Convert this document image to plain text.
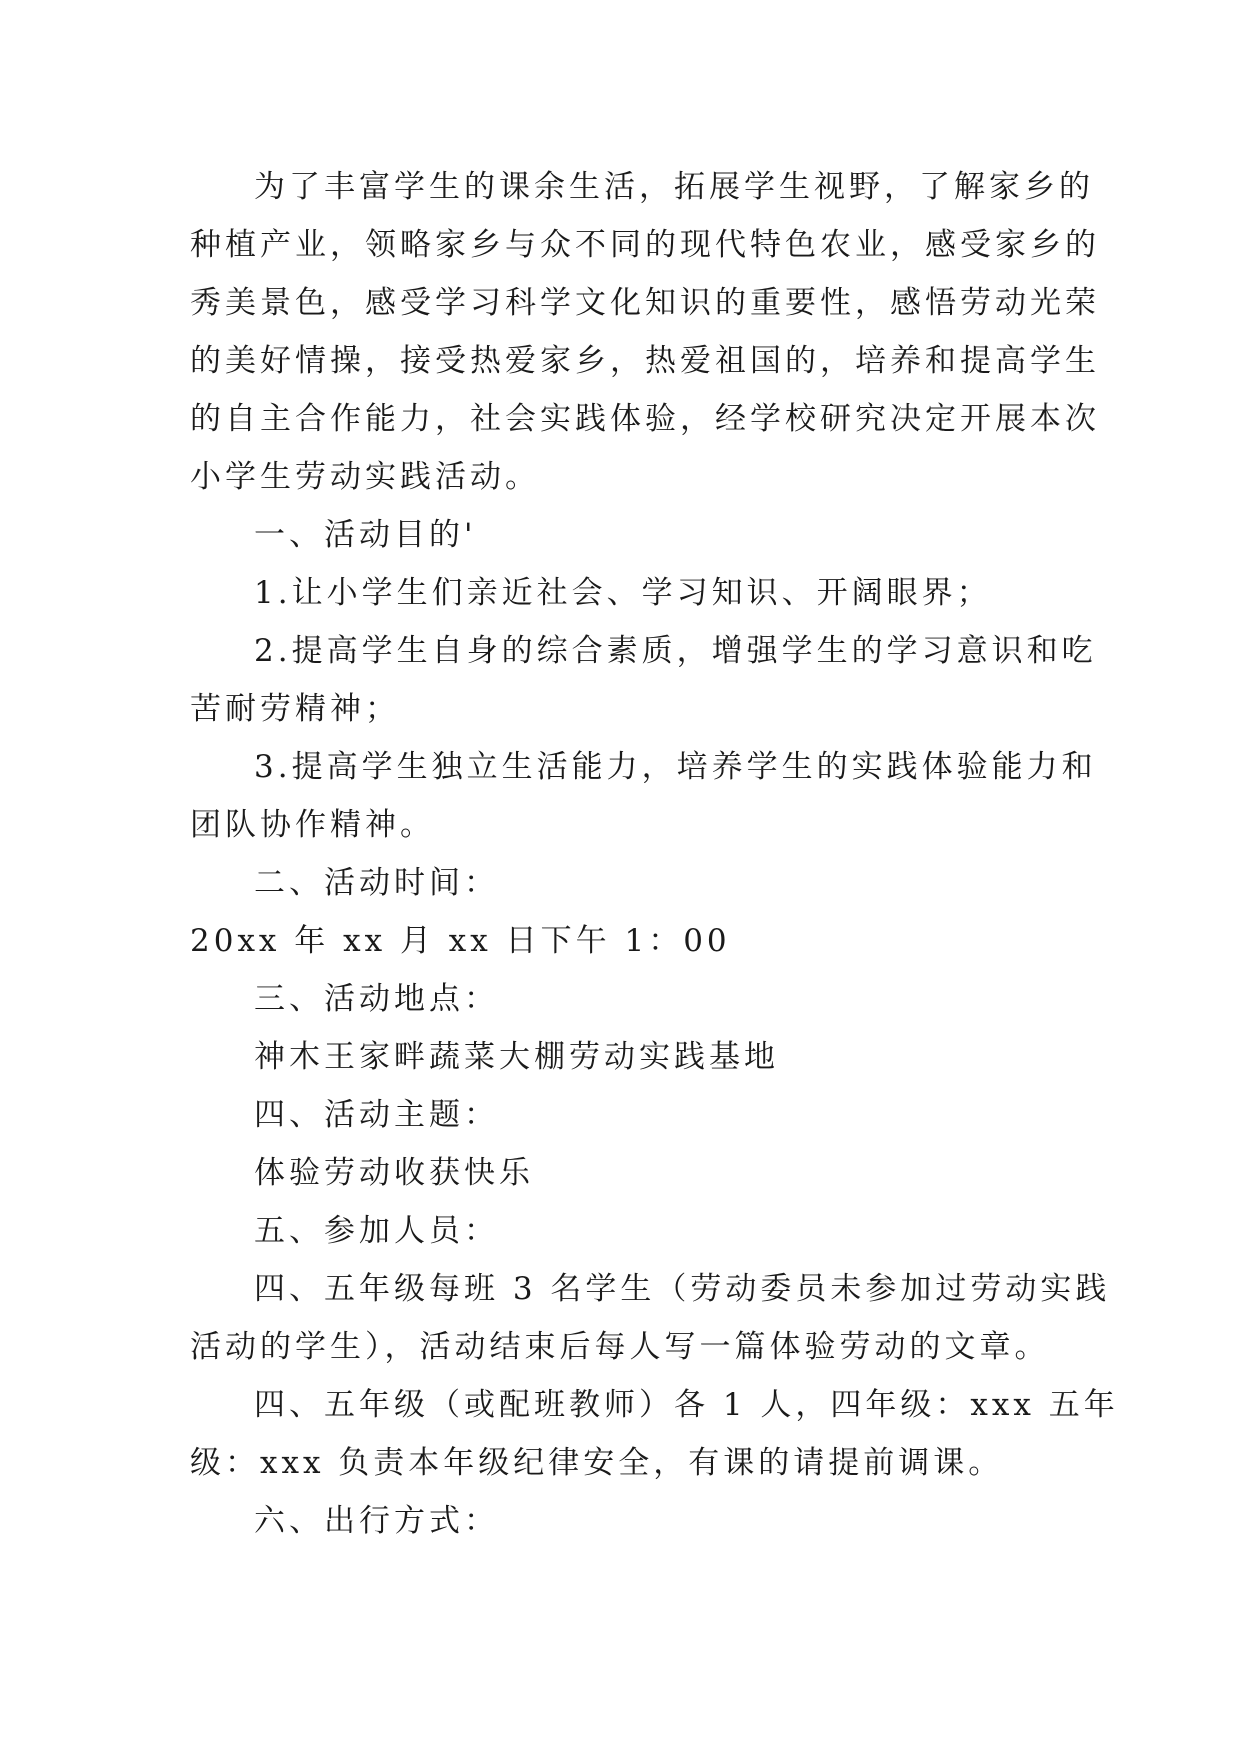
为了丰富学生的课余生活，拓展学生视野，了解家乡的
种植产业，领略家乡与众不同的现代特色农业，感受家乡的
秀美景色，感受学习科学文化知识的重要性，感悟劳动光荣
的美好情操，接受热爱家乡，热爱祖国的，培养和提高学生
的自主合作能力，社会实践体验，经学校研究决定开展本次
小学生劳动实践活动。
一、活动目的'
1.让小学生们亲近社会、学习知识、开阔眼界；
2.提高学生自身的综合素质，增强学生的学习意识和吃
苦耐劳精神；
3.提高学生独立生活能力，培养学生的实践体验能力和
团队协作精神。
二、活动时间：
20xx 年 xx 月 xx 日下午 1：00
三、活动地点：
神木王家畔蔬菜大棚劳动实践基地
四、活动主题：
体验劳动收获快乐
五、参加人员：
四、五年级每班 3 名学生（劳动委员未参加过劳动实践
活动的学生），活动结束后每人写一篇体验劳动的文章。
四、五年级（或配班教师）各 1 人，四年级：xxx 五年
级：xxx 负责本年级纪律安全，有课的请提前调课。
六、出行方式：
